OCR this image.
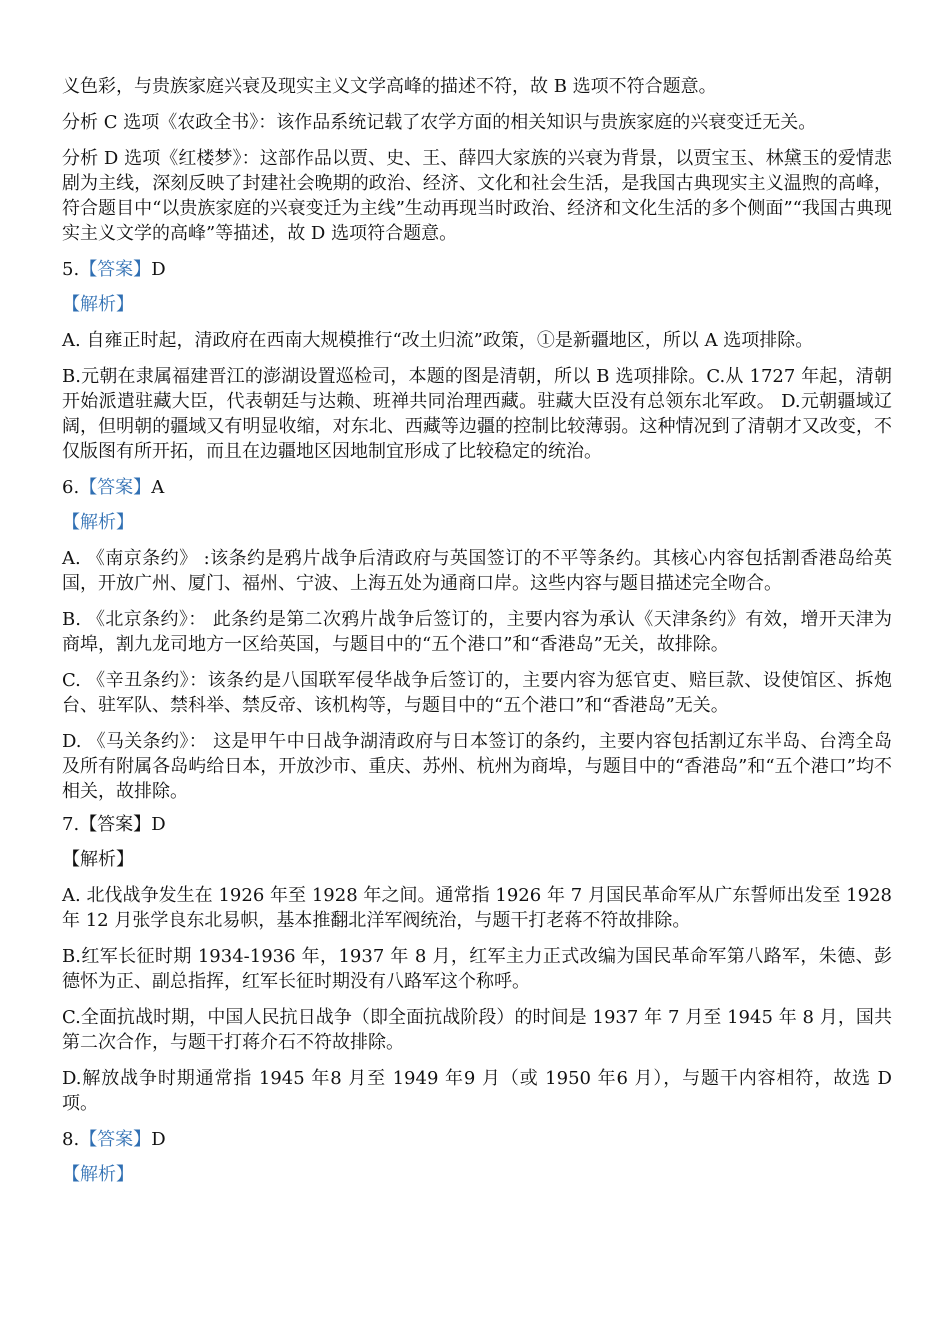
义色彩，与贵族家庭兴衰及现实主义文学高峰的描述不符，故 B 选项不符合题意。

分析 C 选项《农政全书》：该作品系统记载了农学方面的相关知识与贵族家庭的兴衰变迁无关。

分析 D 选项《红楼梦》：这部作品以贾、史、王、薛四大家族的兴衰为背景，以贾宝玉、林黛玉的爱情悲剧为主线，深刻反映了封建社会晚期的政治、经济、文化和社会生活，是我国古典现实主义温煦的高峰，符合题目中“以贵族家庭的兴衰变迁为主线”生动再现当时政治、经济和文化生活的多个侧面”“我国古典现实主义文学的高峰”等描述，故 D 选项符合题意。

5.【答案】D

【解析】

A. 自雍正时起，清政府在西南大规模推行“改土归流”政策，①是新疆地区，所以 A 选项排除。

B.元朝在隶属福建晋江的澎湖设置巡检司，本题的图是清朝，所以 B 选项排除。C.从 1727 年起，清朝开始派遣驻藏大臣，代表朝廷与达赖、班禅共同治理西藏。驻藏大臣没有总领东北军政。 D.元朝疆域辽阔，但明朝的疆域又有明显收缩，对东北、西藏等边疆的控制比较薄弱。这种情况到了清朝才又改变，不仅版图有所开拓，而且在边疆地区因地制宜形成了比较稳定的统治。

6.【答案】A

【解析】

A. 《南京条约》 :该条约是鸦片战争后清政府与英国签订的不平等条约。其核心内容包括割香港岛给英国，开放广州、厦门、福州、宁波、上海五处为通商口岸。这些内容与题目描述完全吻合。

B. 《北京条约》： 此条约是第二次鸦片战争后签订的，主要内容为承认《天津条约》有效，增开天津为商埠，割九龙司地方一区给英国，与题目中的“五个港口”和“香港岛”无关，故排除。

C. 《辛丑条约》：该条约是八国联军侵华战争后签订的，主要内容为惩官吏、赔巨款、设使馆区、拆炮台、驻军队、禁科举、禁反帝、该机构等，与题目中的“五个港口”和“香港岛”无关。

D. 《马关条约》： 这是甲午中日战争湖清政府与日本签订的条约，主要内容包括割辽东半岛、台湾全岛及所有附属各岛屿给日本，开放沙市、重庆、苏州、杭州为商埠，与题目中的“香港岛”和“五个港口”均不相关，故排除。

7.【答案】D

【解析】

A. 北伐战争发生在 1926 年至 1928 年之间。通常指 1926 年 7 月国民革命军从广东誓师出发至 1928 年 12 月张学良东北易帜，基本推翻北洋军阀统治，与题干打老蒋不符故排除。

B.红军长征时期 1934-1936 年，1937 年 8 月，红军主力正式改编为国民革命军第八路军，朱德、彭德怀为正、副总指挥，红军长征时期没有八路军这个称呼。

C.全面抗战时期，中国人民抗日战争（即全面抗战阶段）的时间是 1937 年 7 月至 1945 年 8 月，国共第二次合作，与题干打蒋介石不符故排除。

D.解放战争时期通常指 1945 年8 月至 1949 年9 月（或 1950 年6 月），与题干内容相符，故选 D 项。

8.【答案】D

【解析】
